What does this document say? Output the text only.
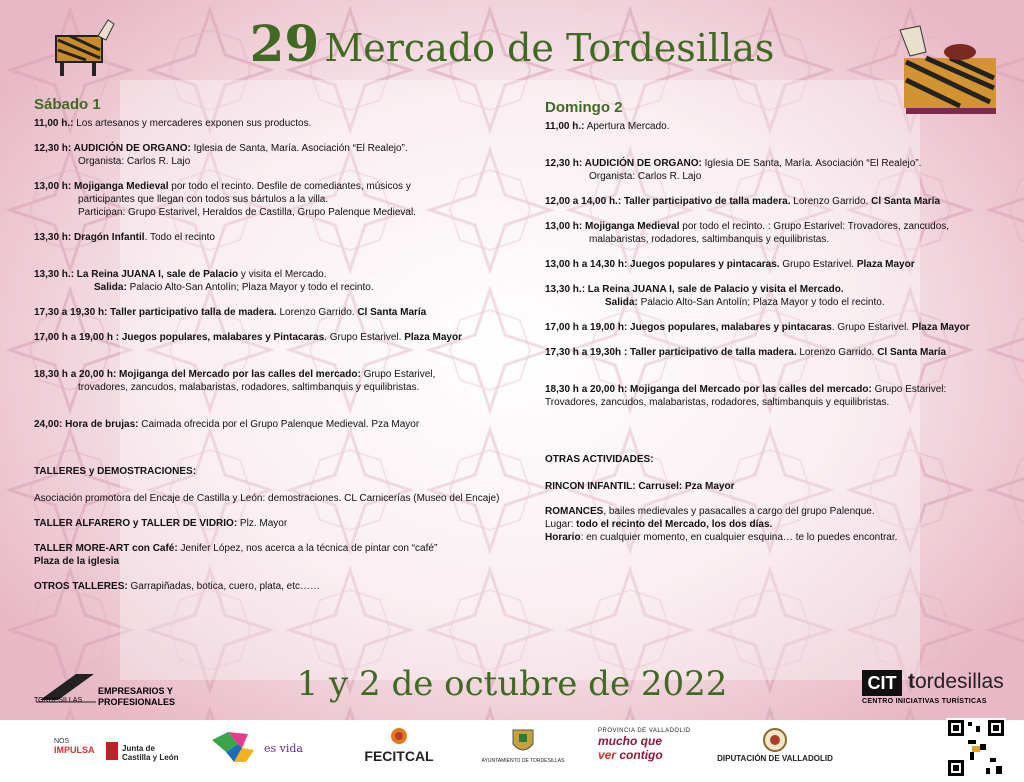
29 Mercado de Tordesillas
Sábado 1

11,00 h.: Los artesanos y mercaderes exponen sus productos.

12,30 h: AUDICIÓN DE ORGANO: Iglesia de Santa, María. Asociación “El Realejo”.
Organista: Carlos R. Lajo

13,00 h: Mojiganga Medieval por todo el recinto. Desfile de comediantes, músicos y
participantes que llegan con todos sus bártulos a la villa.
Participan: Grupo Estarivel, Heraldos de Castilla, Grupo Palenque Medieval.

13,30 h: Dragón Infantil. Todo el recinto

13,30 h.: La Reina JUANA I, sale de Palacio y visita el Mercado.
Salida: Palacio Alto-San Antolín; Plaza Mayor y todo el recinto.

17,30 a 19,30 h: Taller participativo talla de madera. Lorenzo Garrido. Cl Santa María

17,00 h a 19,00 h : Juegos populares, malabares y Pintacaras. Grupo Estarivel. Plaza Mayor

18,30 h a 20,00 h: Mojiganga del Mercado por las calles del mercado: Grupo Estarivel,
trovadores, zancudos, malabaristas, rodadores, saltimbanquis y equilibristas.

24,00: Hora de brujas: Caimada ofrecida por el Grupo Palenque Medieval. Pza Mayor

TALLERES y DEMOSTRACIONES:

Asociación promotora del Encaje de Castilla y León: demostraciones. CL Carnicerías (Museo del Encaje)

TALLER ALFARERO y TALLER DE VIDRIO: Plz. Mayor

TALLER MORE-ART con Café: Jenifer López, nos acerca a la técnica de pintar con “café”
Plaza de la iglesia

OTROS TALLERES: Garrapiñadas, botica, cuero, plata, etc……

Domingo 2

11,00 h.: Apertura Mercado.

12,30 h: AUDICIÓN DE ORGANO: Iglesia DE Santa, María. Asociación “El Realejo”.
Organista: Carlos R. Lajo

12,00 a 14,00 h.: Taller participativo de talla madera. Lorenzo Garrido. Cl Santa María

13,00 h: Mojiganga Medieval por todo el recinto. : Grupo Estarivel: Trovadores, zancudos,
malabaristas, rodadores, saltimbanquis y equilibristas.

13,00 h a 14,30 h: Juegos populares y pintacaras. Grupo Estarivel. Plaza Mayor

13,30 h.: La Reina JUANA I, sale de Palacio y visita el Mercado.
Salida: Palacio Alto-San Antolín; Plaza Mayor y todo el recinto.

17,00 h a 19,00 h: Juegos populares, malabares y pintacaras. Grupo Estarivel. Plaza Mayor

17,30 h a 19,30h : Taller participativo de talla madera. Lorenzo Garrido. Cl Santa María

18,30 h a 20,00 h: Mojiganga del Mercado por las calles del mercado: Grupo Estarivel:
Trovadores, zancudos, malabaristas, rodadores, saltimbanquis y equilibristas.

OTRAS ACTIVIDADES:

RINCON INFANTIL: Carrusel: Pza Mayor

ROMANCES, bailes medievales y pasacalles a cargo del grupo Palenque.
Lugar: todo el recinto del Mercado, los dos días.
Horario: en cualquier momento, en cualquier esquina… te lo puedes encontrar.

1 y 2 de octubre de 2022
EMPRESARIOS Y
PROFESIONALES
TORDESILLAS
CIT tordesillas
CENTRO INICIATIVAS TURÍSTICAS
NOS
IMPULSA	Junta de Castilla y León
es vida	FECITCAL	AYUNTAMIENTO DE TORDESILLAS
PROVINCIA DE VALLADOLID
mucho que
ver contigo	DIPUTACIÓN DE VALLADOLID
